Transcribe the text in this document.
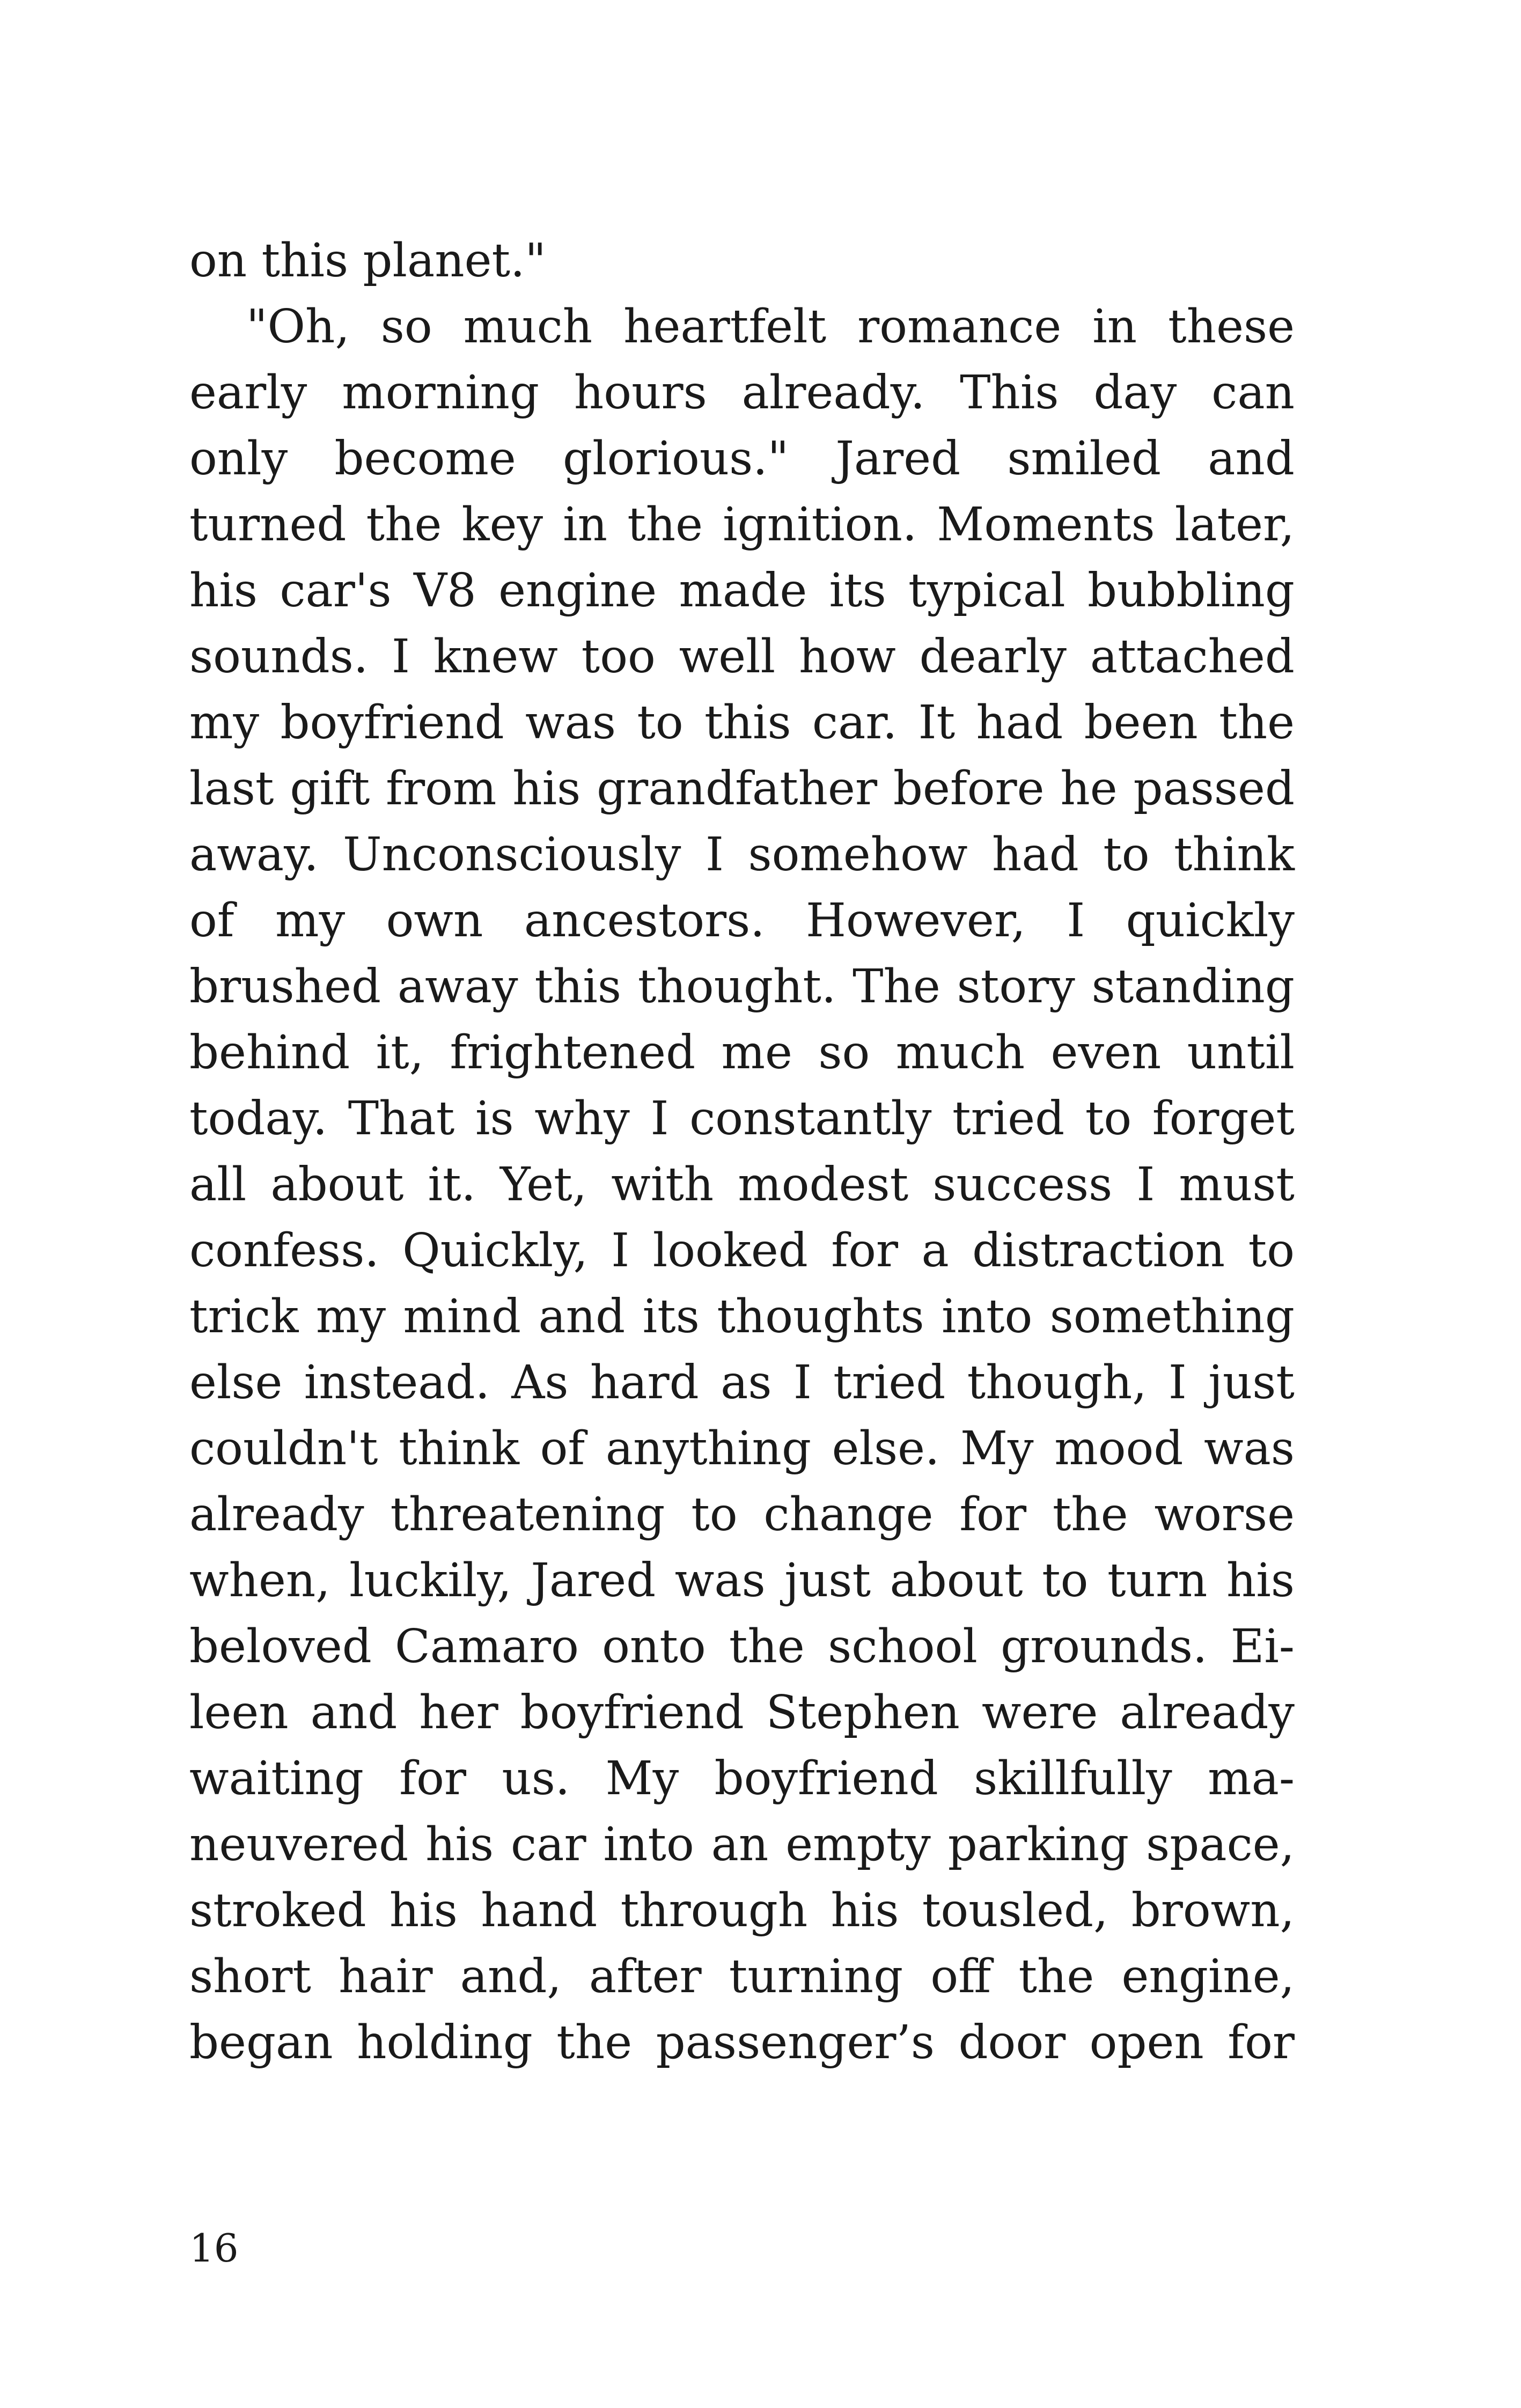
on this planet."
"Oh, so much heartfelt romance in these
early morning hours already. This day can
only become glorious." Jared smiled and
turned the key in the ignition. Moments later,
his car's V8 engine made its typical bubbling
sounds. I knew too well how dearly attached
my boyfriend was to this car. It had been the
last gift from his grandfather before he passed
away. Unconsciously I somehow had to think
of my own ancestors. However, I quickly
brushed away this thought. The story standing
behind it, frightened me so much even until
today. That is why I constantly tried to forget
all about it. Yet, with modest success I must
confess. Quickly, I looked for a distraction to
trick my mind and its thoughts into something
else instead. As hard as I tried though, I just
couldn't think of anything else. My mood was
already threatening to change for the worse
when, luckily, Jared was just about to turn his
beloved Camaro onto the school grounds. Ei-
leen and her boyfriend Stephen were already
waiting for us. My boyfriend skillfully ma-
neuvered his car into an empty parking space,
stroked his hand through his tousled, brown,
short hair and, after turning off the engine,
began holding the passenger’s door open for
16
